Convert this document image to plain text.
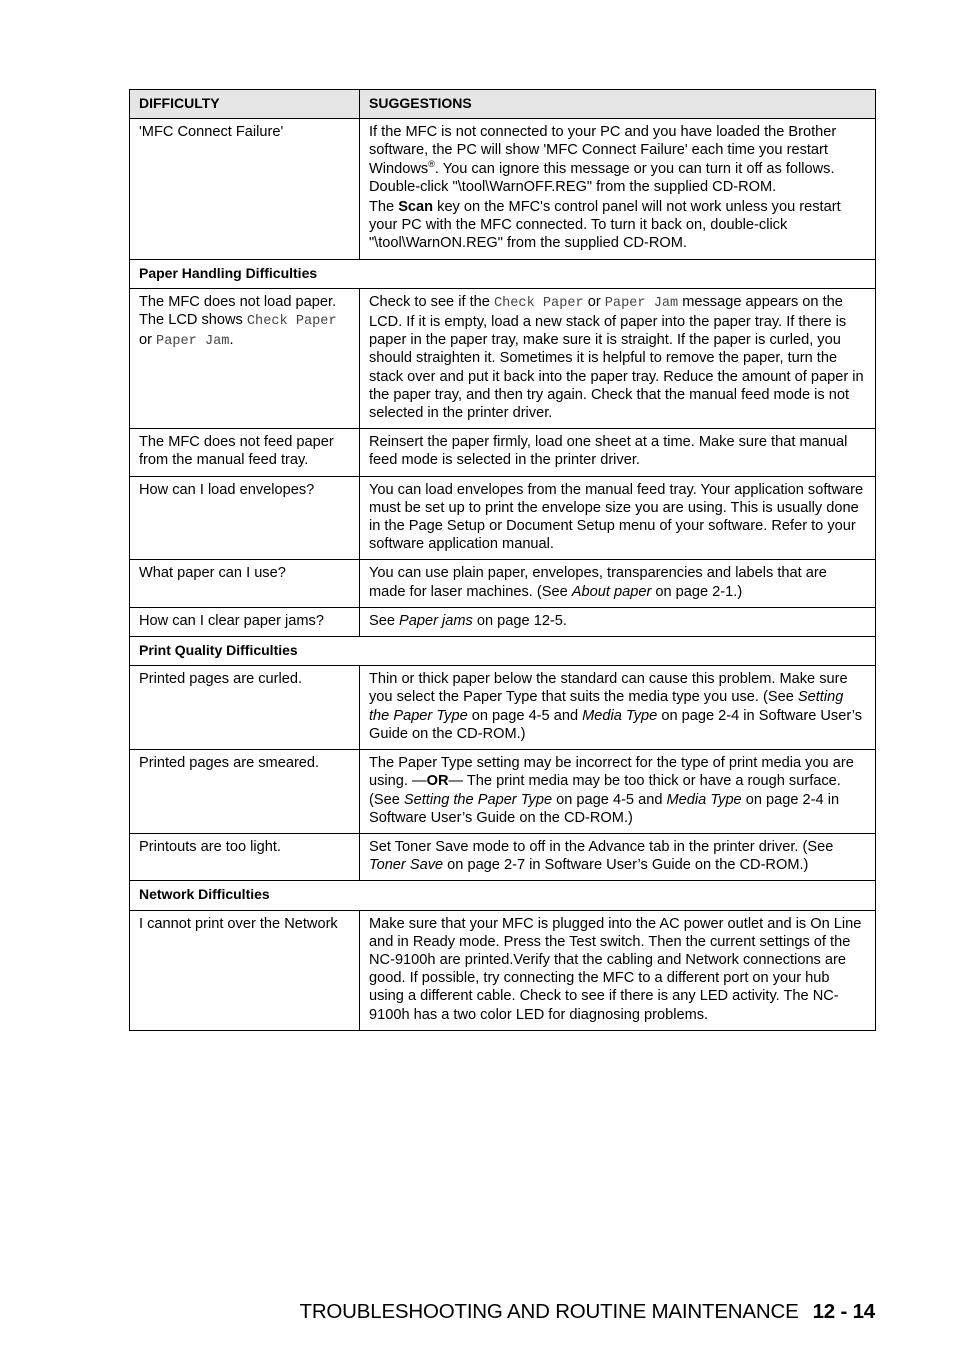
DIFFICULTY	SUGGESTIONS
'MFC Connect Failure'	If the MFC is not connected to your PC and you have loaded the Brother software, the PC will show 'MFC Connect Failure' each time you restart Windows®. You can ignore this message or you can turn it off as follows. Double-click "\tool\WarnOFF.REG" from the supplied CD-ROM.
The Scan key on the MFC's control panel will not work unless you restart your PC with the MFC connected. To turn it back on, double-click "\tool\WarnON.REG" from the supplied CD-ROM.

Paper Handling Difficulties	
The MFC does not load paper. The LCD shows Check Paper or Paper Jam.	Check to see if the Check Paper or Paper Jam message appears on the LCD. If it is empty, load a new stack of paper into the paper tray. If there is paper in the paper tray, make sure it is straight. If the paper is curled, you should straighten it. Sometimes it is helpful to remove the paper, turn the stack over and put it back into the paper tray. Reduce the amount of paper in the paper tray, and then try again. Check that the manual feed mode is not selected in the printer driver.
The MFC does not feed paper from the manual feed tray.	Reinsert the paper firmly, load one sheet at a time. Make sure that manual feed mode is selected in the printer driver.
How can I load envelopes?	You can load envelopes from the manual feed tray. Your application software must be set up to print the envelope size you are using. This is usually done in the Page Setup or Document Setup menu of your software. Refer to your software application manual.
What paper can I use?	You can use plain paper, envelopes, transparencies and labels that are made for laser machines. (See About paper on page 2-1.)
How can I clear paper jams?	See Paper jams on page 12-5.
Print Quality Difficulties	
Printed pages are curled.	Thin or thick paper below the standard can cause this problem. Make sure you select the Paper Type that suits the media type you use. (See Setting the Paper Type on page 4-5 and Media Type on page 2-4 in Software User’s Guide on the CD-ROM.)
Printed pages are smeared.	The Paper Type setting may be incorrect for the type of print media you are using. —OR— The print media may be too thick or have a rough surface. (See Setting the Paper Type on page 4-5 and Media Type on page 2-4 in Software User’s Guide on the CD-ROM.)
Printouts are too light.	Set Toner Save mode to off in the Advance tab in the printer driver. (See Toner Save on page 2-7 in Software User’s Guide on the CD-ROM.)
Network Difficulties	
I cannot print over the Network	Make sure that your MFC is plugged into the AC power outlet and is On Line and in Ready mode. Press the Test switch. Then the current settings of the NC-9100h are printed.Verify that the cabling and Network connections are good. If possible, try connecting the MFC to a different port on your hub using a different cable. Check to see if there is any LED activity. The NC-9100h has a two color LED for diagnosing problems.
TROUBLESHOOTING AND ROUTINE MAINTENANCE 12 - 14
